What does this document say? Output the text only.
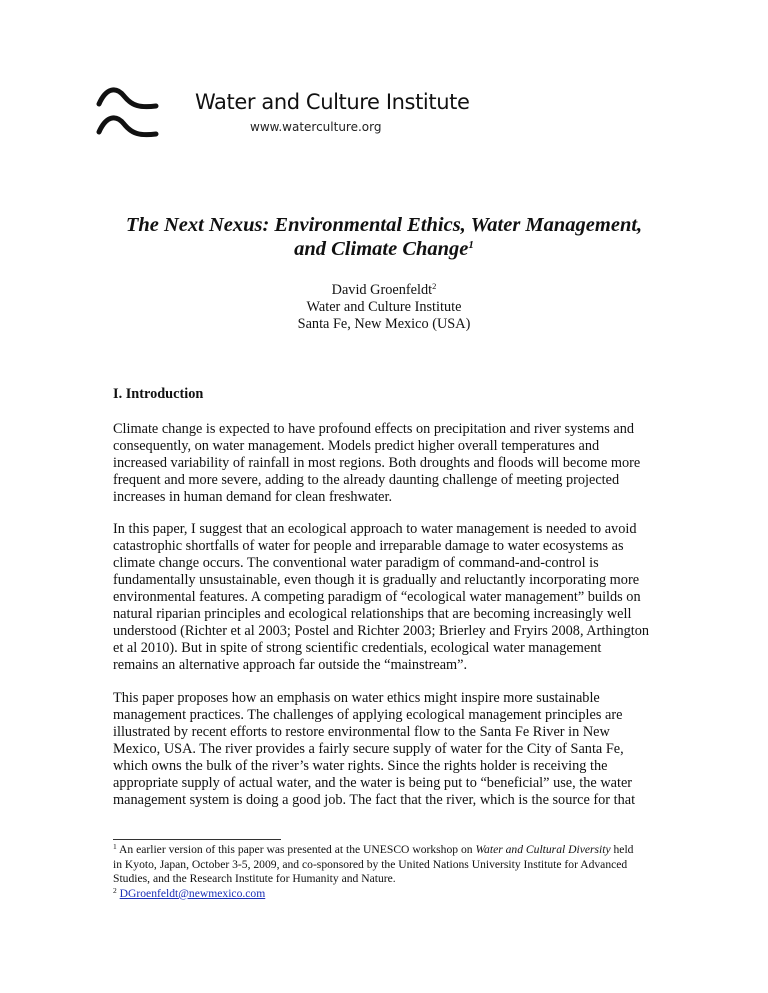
Water and Culture Institute
www.waterculture.org
The Next Nexus: Environmental Ethics, Water Management,
and Climate Change$^1$
David Groenfeldt$^2$
Water and Culture Institute
Santa Fe, New Mexico (USA)
I. Introduction
Climate change is expected to have profound effects on precipitation and river systems and
consequently, on water management. Models predict higher overall temperatures and
increased variability of rainfall in most regions. Both droughts and floods will become more
frequent and more severe, adding to the already daunting challenge of meeting projected
increases in human demand for clean freshwater.
In this paper, I suggest that an ecological approach to water management is needed to avoid
catastrophic shortfalls of water for people and irreparable damage to water ecosystems as
climate change occurs. The conventional water paradigm of command-and-control is
fundamentally unsustainable, even though it is gradually and reluctantly incorporating more
environmental features. A competing paradigm of “ecological water management” builds on
natural riparian principles and ecological relationships that are becoming increasingly well
understood (Richter et al 2003; Postel and Richter 2003; Brierley and Fryirs 2008, Arthington
et al 2010). But in spite of strong scientific credentials, ecological water management
remains an alternative approach far outside the “mainstream”.
This paper proposes how an emphasis on water ethics might inspire more sustainable
management practices. The challenges of applying ecological management principles are
illustrated by recent efforts to restore environmental flow to the Santa Fe River in New
Mexico, USA. The river provides a fairly secure supply of water for the City of Santa Fe,
which owns the bulk of the river’s water rights. Since the rights holder is receiving the
appropriate supply of actual water, and the water is being put to “beneficial” use, the water
management system is doing a good job. The fact that the river, which is the source for that
$^1$ An earlier version of this paper was presented at the UNESCO workshop on Water and Cultural Diversity held
in Kyoto, Japan, October 3-5, 2009, and co-sponsored by the United Nations University Institute for Advanced
Studies, and the Research Institute for Humanity and Nature.
$^2$ DGroenfeldt@newmexico.com
